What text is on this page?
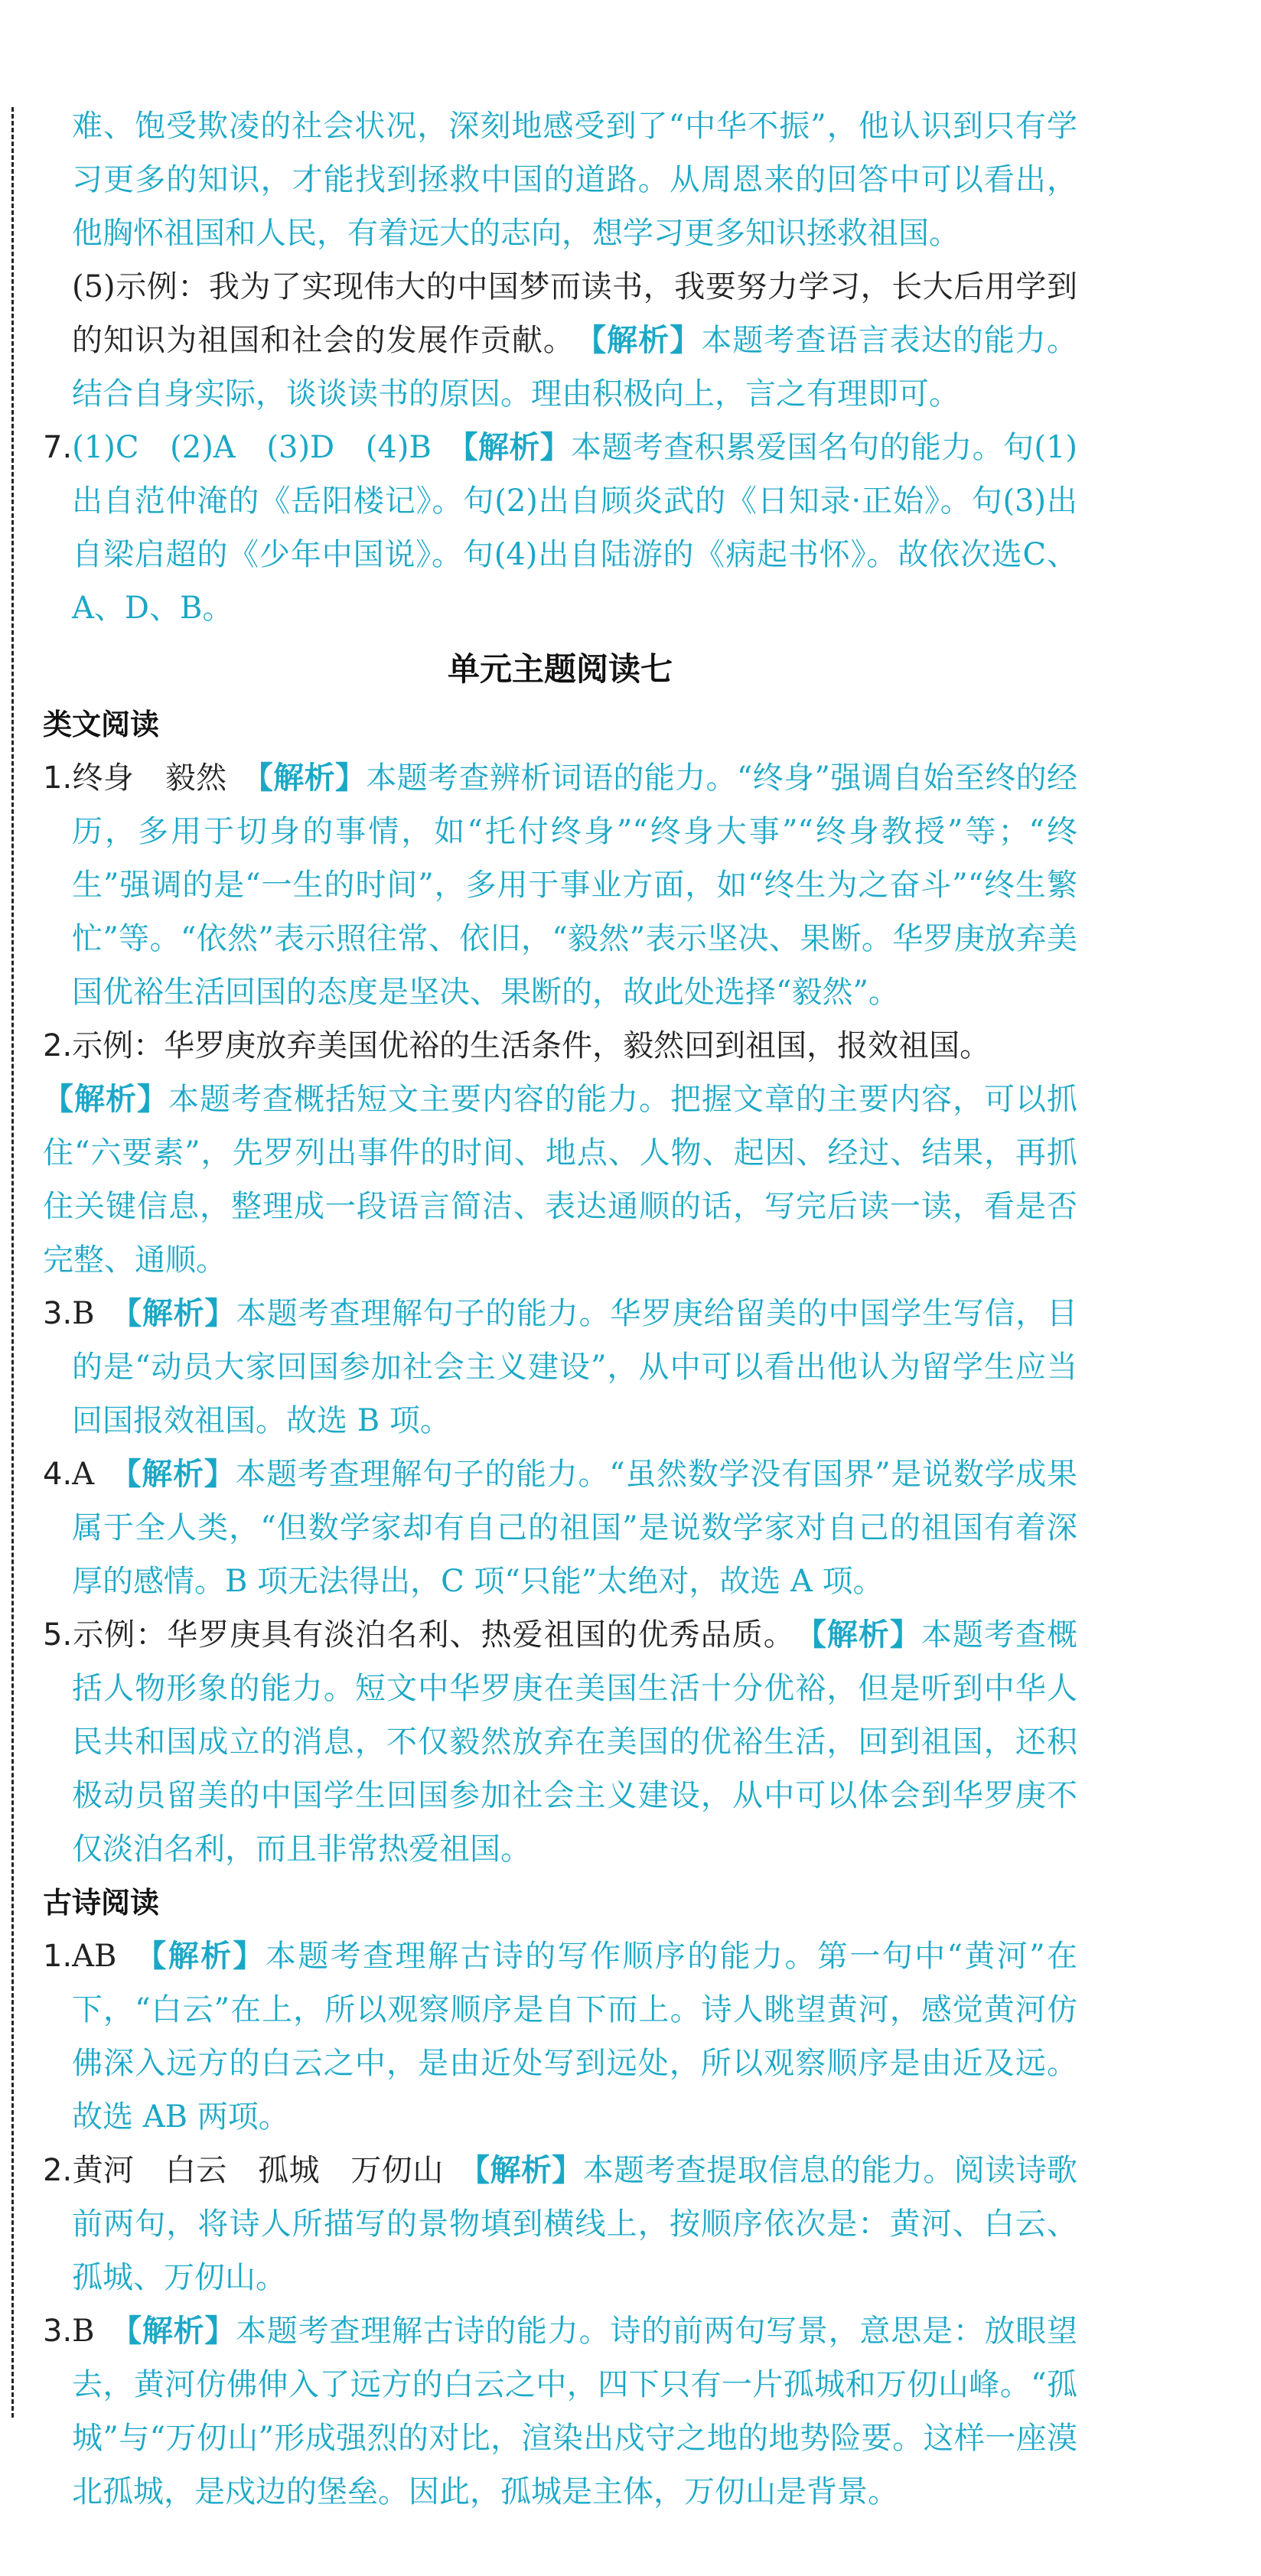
难、饱受欺凌的社会状况，深刻地感受到了“中华不振”，他认识到只有学习更多的知识，才能找到拯救中国的道路。从周恩来的回答中可以看出，他胸怀祖国和人民，有着远大的志向，想学习更多知识拯救祖国。

(5)示例：我为了实现伟大的中国梦而读书，我要努力学习，长大后用学到的知识为祖国和社会的发展作贡献。　 【解析】本题考查语言表达的能力。结合自身实际，谈谈读书的原因。理由积极向上，言之有理即可。

7.(1)C　(2)A　(3)D　(4)B　 【解析】本题考查积累爱国名句的能力。句(1)出自范仲淹的《岳阳楼记》。句(2)出自顾炎武的《日知录·正始》。句(3)出自梁启超的《少年中国说》。句(4)出自陆游的《病起书怀》。故依次选C、A、D、B。

单元主题阅读七

类文阅读

1.终身　毅然　 【解析】本题考查辨析词语的能力。“终身”强调自始至终的经历，多用于切身的事情，如“托付终身”“终身大事”“终身教授”等；“终生”强调的是“一生的时间”，多用于事业方面，如“终生为之奋斗”“终生繁忙”等。“依然”表示照往常、依旧，“毅然”表示坚决、果断。华罗庚放弃美国优裕生活回国的态度是坚决、果断的，故此处选择“毅然”。

2.示例：华罗庚放弃美国优裕的生活条件，毅然回到祖国，报效祖国。

【解析】本题考查概括短文主要内容的能力。把握文章的主要内容，可以抓住“六要素”，先罗列出事件的时间、地点、人物、起因、经过、结果，再抓住关键信息，整理成一段语言简洁、表达通顺的话，写完后读一读，看是否完整、通顺。

3.B　 【解析】本题考查理解句子的能力。华罗庚给留美的中国学生写信，目的是“动员大家回国参加社会主义建设”，从中可以看出他认为留学生应当回国报效祖国。故选 B 项。

4.A　 【解析】本题考查理解句子的能力。“虽然数学没有国界”是说数学成果属于全人类，“但数学家却有自己的祖国”是说数学家对自己的祖国有着深厚的感情。B 项无法得出，C 项“只能”太绝对，故选 A 项。

5.示例：华罗庚具有淡泊名利、热爱祖国的优秀品质。　 【解析】本题考查概括人物形象的能力。短文中华罗庚在美国生活十分优裕，但是听到中华人民共和国成立的消息，不仅毅然放弃在美国的优裕生活，回到祖国，还积极动员留美的中国学生回国参加社会主义建设，从中可以体会到华罗庚不仅淡泊名利，而且非常热爱祖国。

古诗阅读

1.AB　 【解析】本题考查理解古诗的写作顺序的能力。第一句中“黄河”在下，“白云”在上，所以观察顺序是自下而上。诗人眺望黄河，感觉黄河仿佛深入远方的白云之中，是由近处写到远处，所以观察顺序是由近及远。故选 AB 两项。

2.黄河　白云　孤城　万仞山　 【解析】本题考查提取信息的能力。阅读诗歌前两句，将诗人所描写的景物填到横线上，按顺序依次是：黄河、白云、孤城、万仞山。

3.B　 【解析】本题考查理解古诗的能力。诗的前两句写景，意思是：放眼望去，黄河仿佛伸入了远方的白云之中，四下只有一片孤城和万仞山峰。“孤城”与“万仞山”形成强烈的对比，渲染出戍守之地的地势险要。这样一座漠北孤城，是戍边的堡垒。因此，孤城是主体，万仞山是背景。
